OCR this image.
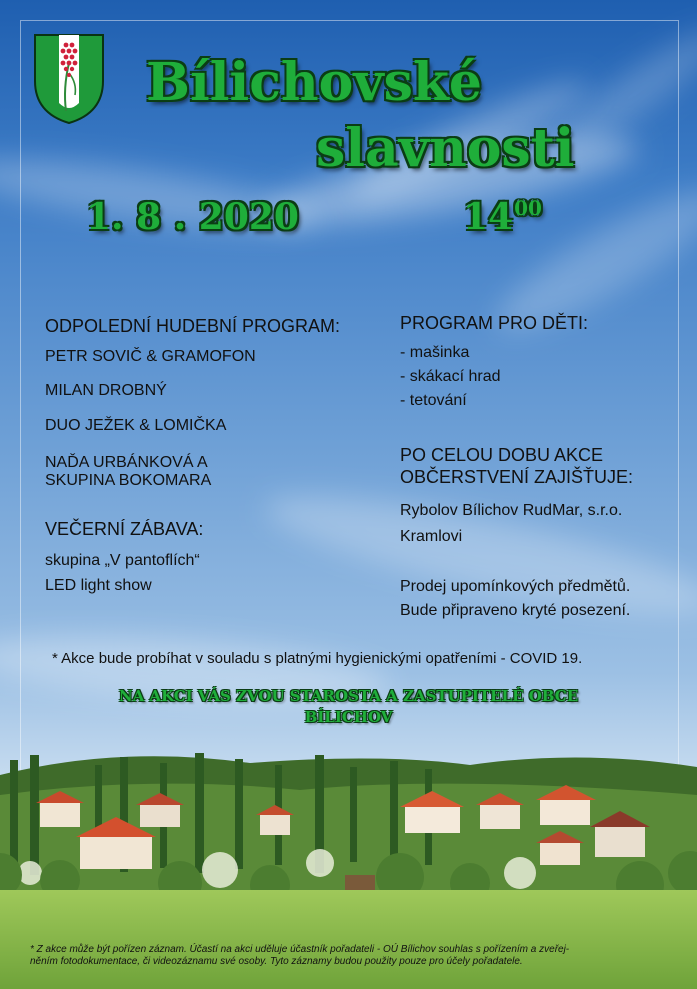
Bílichovské
slavnosti
1. 8 . 2020	$14^{00}$
ODPOLEDNÍ HUDEBNÍ PROGRAM:
PETR SOVIČ & GRAMOFON
MILAN DROBNÝ
DUO JEŽEK & LOMIČKA
NAĎA URBÁNKOVÁ A
SKUPINA BOKOMARA
VEČERNÍ ZÁBAVA:
skupina „V pantoflích“
LED light show
PROGRAM PRO DĚTI:
- mašinka
- skákací hrad
- tetování
PO CELOU DOBU AKCE
OBČERSTVENÍ ZAJIŠŤUJE:
Rybolov Bílichov RudMar, s.r.o.
Kramlovi
Prodej upomínkových předmětů.
Bude připraveno kryté posezení.
* Akce bude probíhat v souladu s platnými hygienickými opatřeními - COVID 19.
NA AKCI VÁS ZVOU STAROSTA A ZASTUPITELÉ OBCE
BÍLICHOV
* Z akce může být pořízen záznam. Účastí na akci uděluje účastník pořadateli - OÚ Bílichov souhlas s pořízením a zveřej-
něním fotodokumentace, či videozáznamu své osoby. Tyto záznamy budou použity pouze pro účely pořadatele.
